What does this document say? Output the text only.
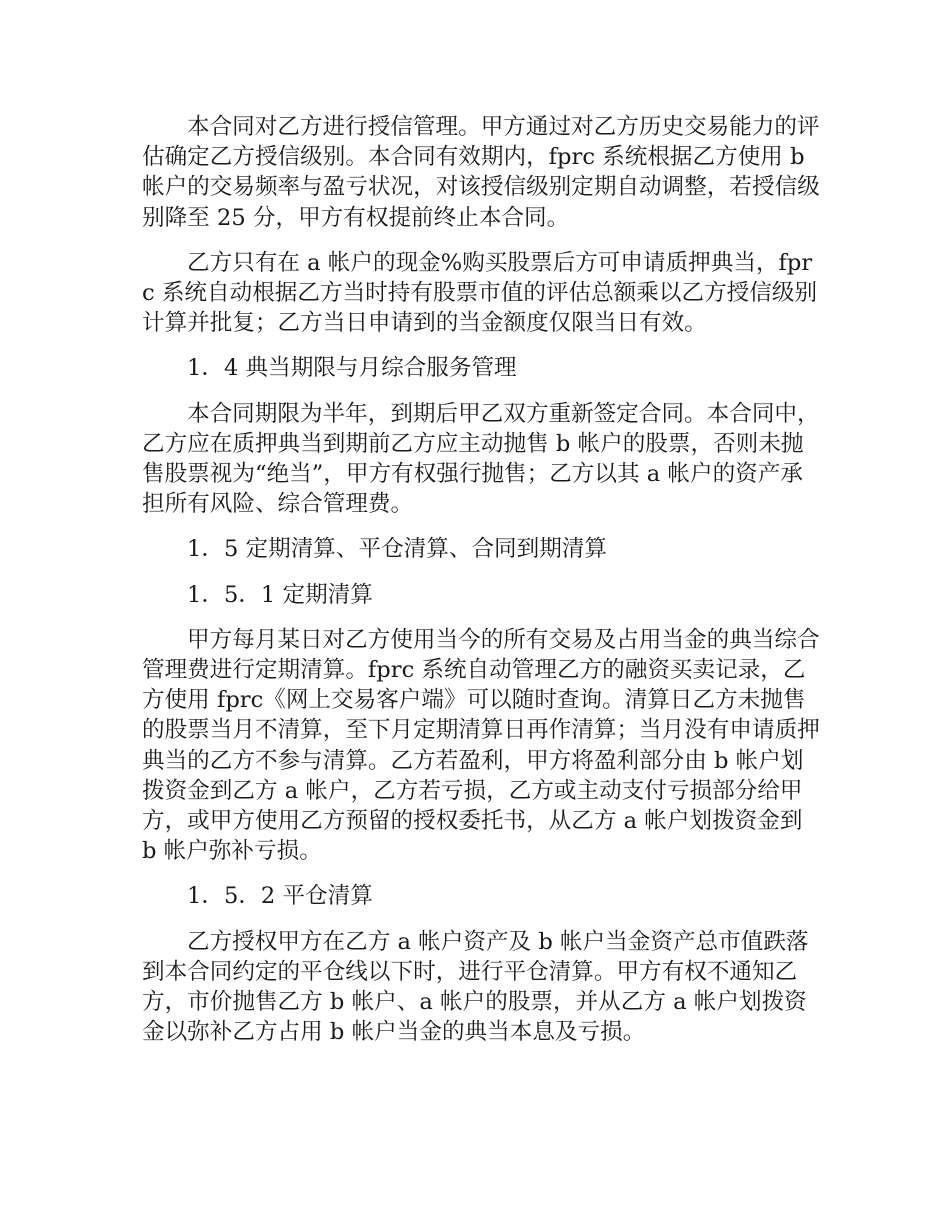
本合同对乙方进行授信管理。甲方通过对乙方历史交易能力的评估确定乙方授信级别。本合同有效期内，fprc 系统根据乙方使用 b 帐户的交易频率与盈亏状况，对该授信级别定期自动调整，若授信级别降至 25 分，甲方有权提前终止本合同。

乙方只有在 a 帐户的现金%购买股票后方可申请质押典当，fprc 系统自动根据乙方当时持有股票市值的评估总额乘以乙方授信级别计算并批复；乙方当日申请到的当金额度仅限当日有效。

1．4 典当期限与月综合服务管理

本合同期限为半年，到期后甲乙双方重新签定合同。本合同中，乙方应在质押典当到期前乙方应主动抛售 b 帐户的股票，否则未抛售股票视为“绝当”，甲方有权强行抛售；乙方以其 a 帐户的资产承担所有风险、综合管理费。

1．5 定期清算、平仓清算、合同到期清算

1．5．1 定期清算

甲方每月某日对乙方使用当今的所有交易及占用当金的典当综合管理费进行定期清算。fprc 系统自动管理乙方的融资买卖记录，乙方使用 fprc《网上交易客户端》可以随时查询。清算日乙方未抛售的股票当月不清算，至下月定期清算日再作清算；当月没有申请质押典当的乙方不参与清算。乙方若盈利，甲方将盈利部分由 b 帐户划拨资金到乙方 a 帐户，乙方若亏损，乙方或主动支付亏损部分给甲方，或甲方使用乙方预留的授权委托书，从乙方 a 帐户划拨资金到 b 帐户弥补亏损。

1．5．2 平仓清算

乙方授权甲方在乙方 a 帐户资产及 b 帐户当金资产总市值跌落到本合同约定的平仓线以下时，进行平仓清算。甲方有权不通知乙方，市价抛售乙方 b 帐户、a 帐户的股票，并从乙方 a 帐户划拨资金以弥补乙方占用 b 帐户当金的典当本息及亏损。
